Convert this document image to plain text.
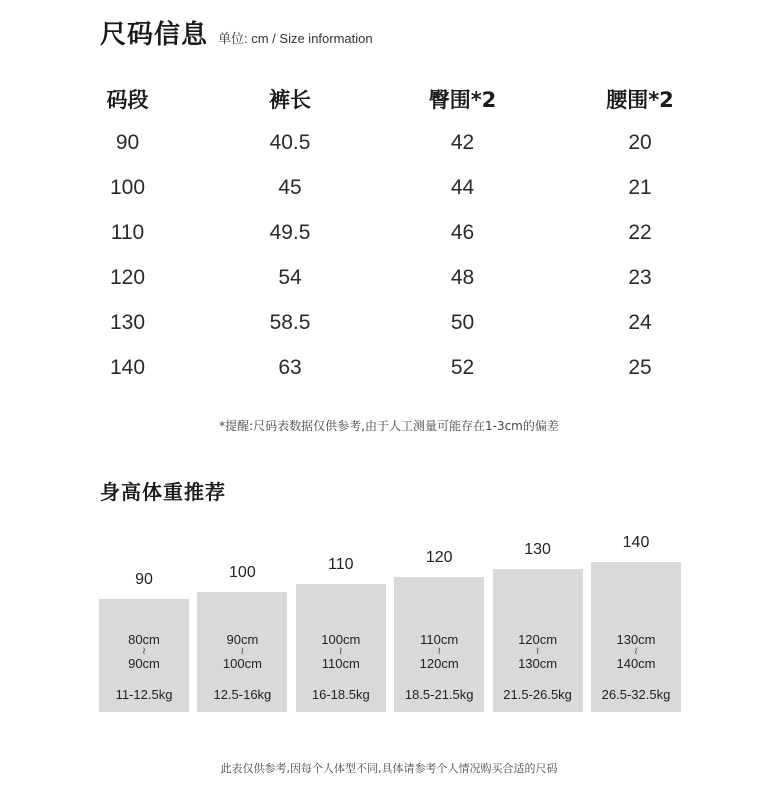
尺码信息 单位: cm / Size information
码段	裤长	臀围*2	腰围*2
90	40.5	42	20
100	45	44	21
110	49.5	46	22
120	54	48	23
130	58.5	50	24
140	63	52	25
*提醒:尺码表数据仅供参考,由于人工测量可能存在1-3cm的偏差
身高体重推荐
90
80cm
≀
90cm
11-12.5kg
100
90cm
≀
100cm
12.5-16kg
110
100cm
≀
110cm
16-18.5kg
120
110cm
≀
120cm
18.5-21.5kg
130
120cm
≀
130cm
21.5-26.5kg
140
130cm
≀
140cm
26.5-32.5kg
此表仅供参考,因每个人体型不同,具体请参考个人情况购买合适的尺码
